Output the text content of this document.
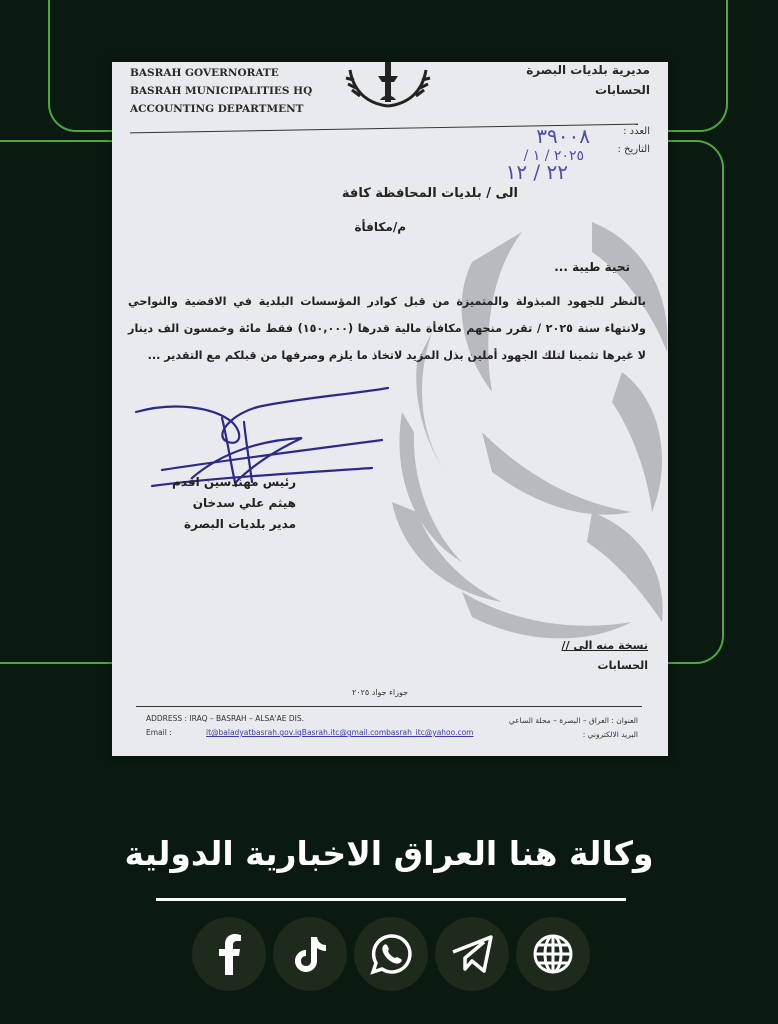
BASRAH GOVERNORATE
BASRAH MUNICIPALITIES HQ
ACCOUNTING DEPARTMENT
مديرية بلديات البصرة
الحسابات
العدد :
التاريخ :
٣٩٠٠٨
٢٠٢٥ / ١ /
٢٢ / ١٢
الى / بلديات المحافظة كافة
م/مكافأة
تحية طيبة ...
بالنظر للجهود المبذولة والمتميزة من قبل كوادر المؤسسات البلدية في الاقضية والنواحي ولانتهاء سنة ٢٠٢٥ / تقرر منحهم مكافأة مالية قدرها (١٥٠,٠٠٠) فقط مائة وخمسون الف دينار لا غيرها تثمينا لتلك الجهود أملين بذل المزيد لاتخاذ ما يلزم وصرفها من قبلكم مع التقدير ...
رئيس مهندسين اقدم
هيثم علي سدخان
مدير بلديات البصرة
نسخة منه الى //
الحسابات
جوزاء جواد ٢٠٢٥
ADDRESS : IRAQ – BASRAH – ALSA'AE DIS.
Email :	it@baladyatbasrah.gov.iqBasrah.itc@gmail.combasrah_itc@yahoo.com
العنوان : العراق – البصرة – محلة الساعي
البريد الالكتروني :
وكالة هنا العراق الاخبارية الدولية
